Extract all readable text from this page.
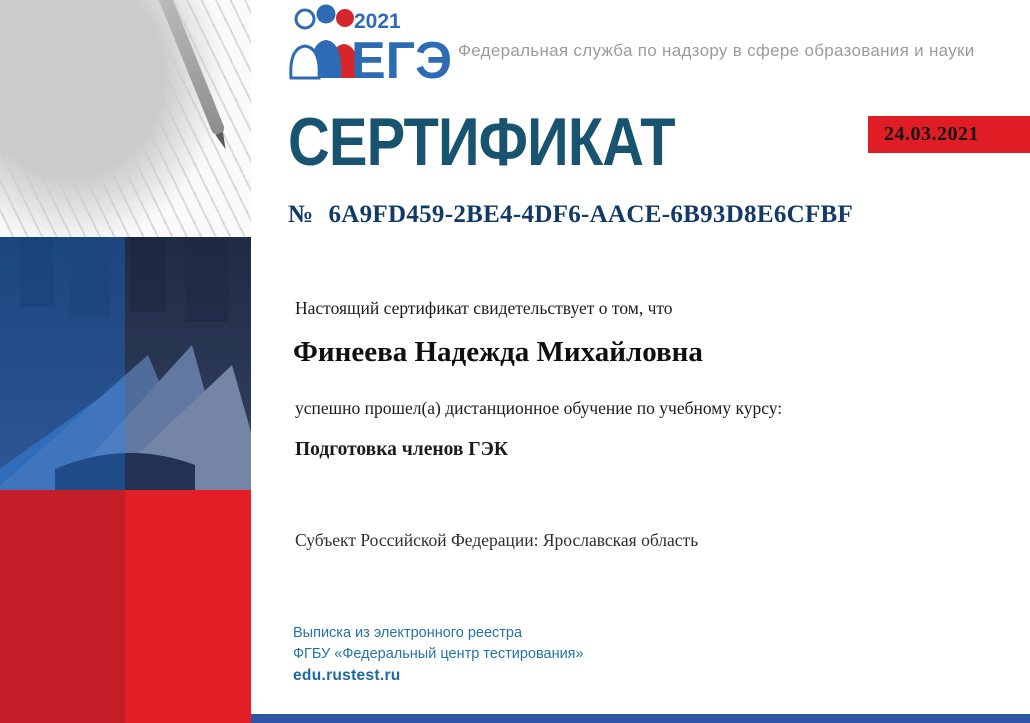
2021
ЕГЭ Федеральная служба по надзору в сфере образования и науки
СЕРТИФИКАТ	24.03.2021
№ 6A9FD459-2BE4-4DF6-AACE-6B93D8E6CFBF
Настоящий сертификат свидетельствует о том, что
Финеева Надежда Михайловна
успешно прошел(а) дистанционное обучение по учебному курсу:
Подготовка членов ГЭК
Субъект Российской Федерации: Ярославская область
Выписка из электронного реестра
ФГБУ «Федеральный центр тестирования»
edu.rustest.ru
